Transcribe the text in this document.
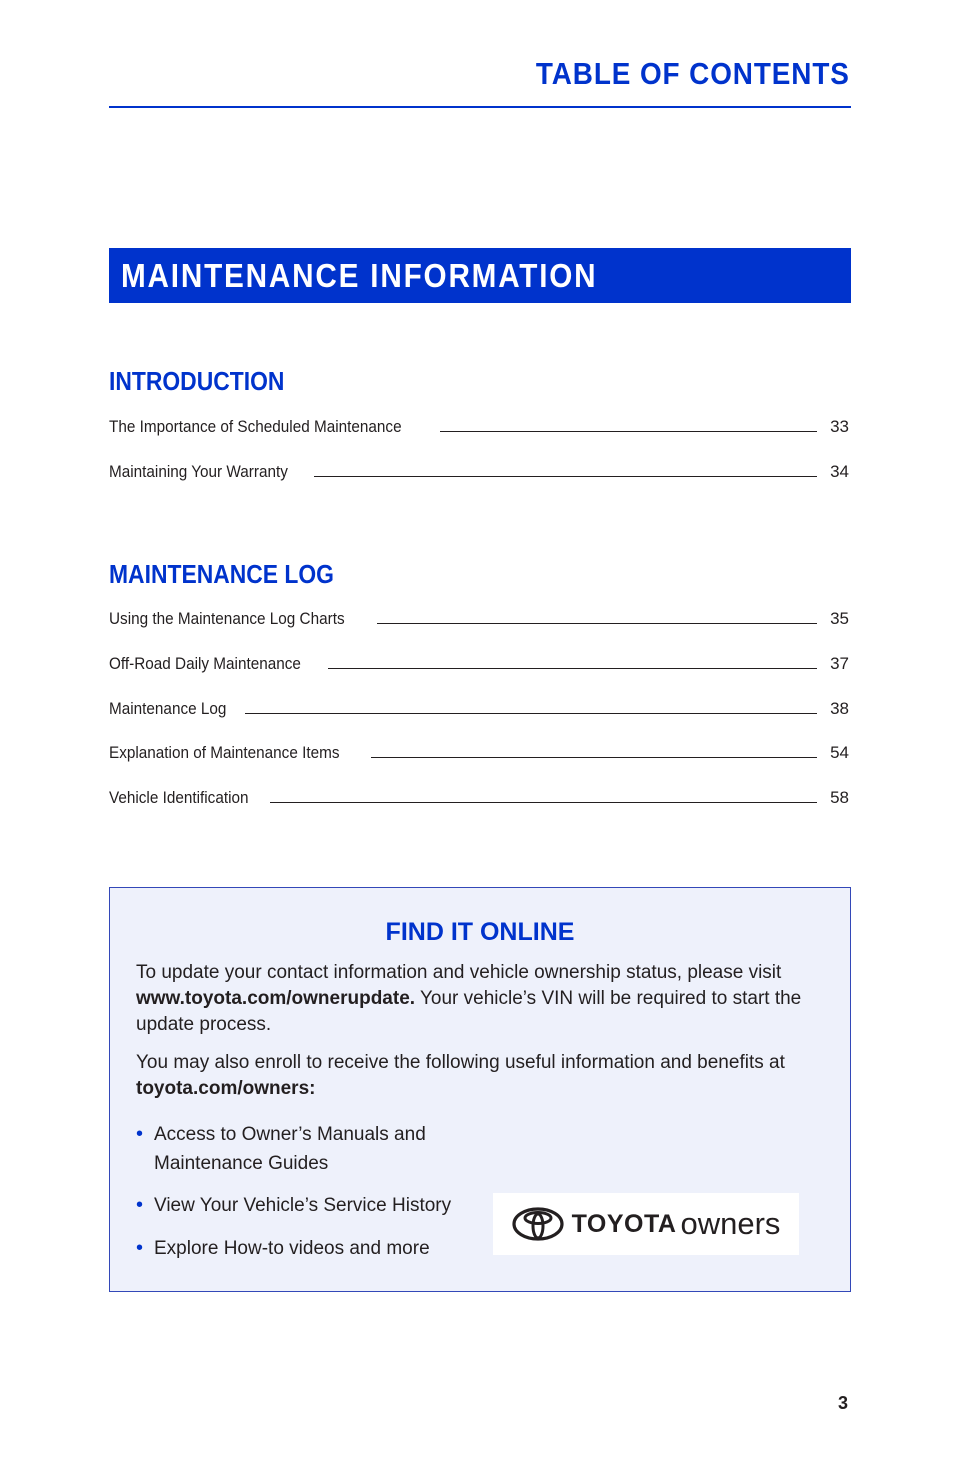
TABLE OF CONTENTS
MAINTENANCE INFORMATION
INTRODUCTION
The Importance of Scheduled Maintenance	33
Maintaining Your Warranty	34
MAINTENANCE LOG
Using the Maintenance Log Charts	35
Off-Road Daily Maintenance	37
Maintenance Log	38
Explanation of Maintenance Items	54
Vehicle Identification	58
FIND IT ONLINE

To update your contact information and vehicle ownership status, please visit
www.toyota.com/ownerupdate. Your vehicle’s VIN will be required to start the update process.

You may also enroll to receive the following useful information and benefits at
toyota.com/owners:

• Access to Owner’s Manuals and
Maintenance Guides
• View Your Vehicle’s Service History
• Explore How-to videos and more
TOYOTA owners
3
